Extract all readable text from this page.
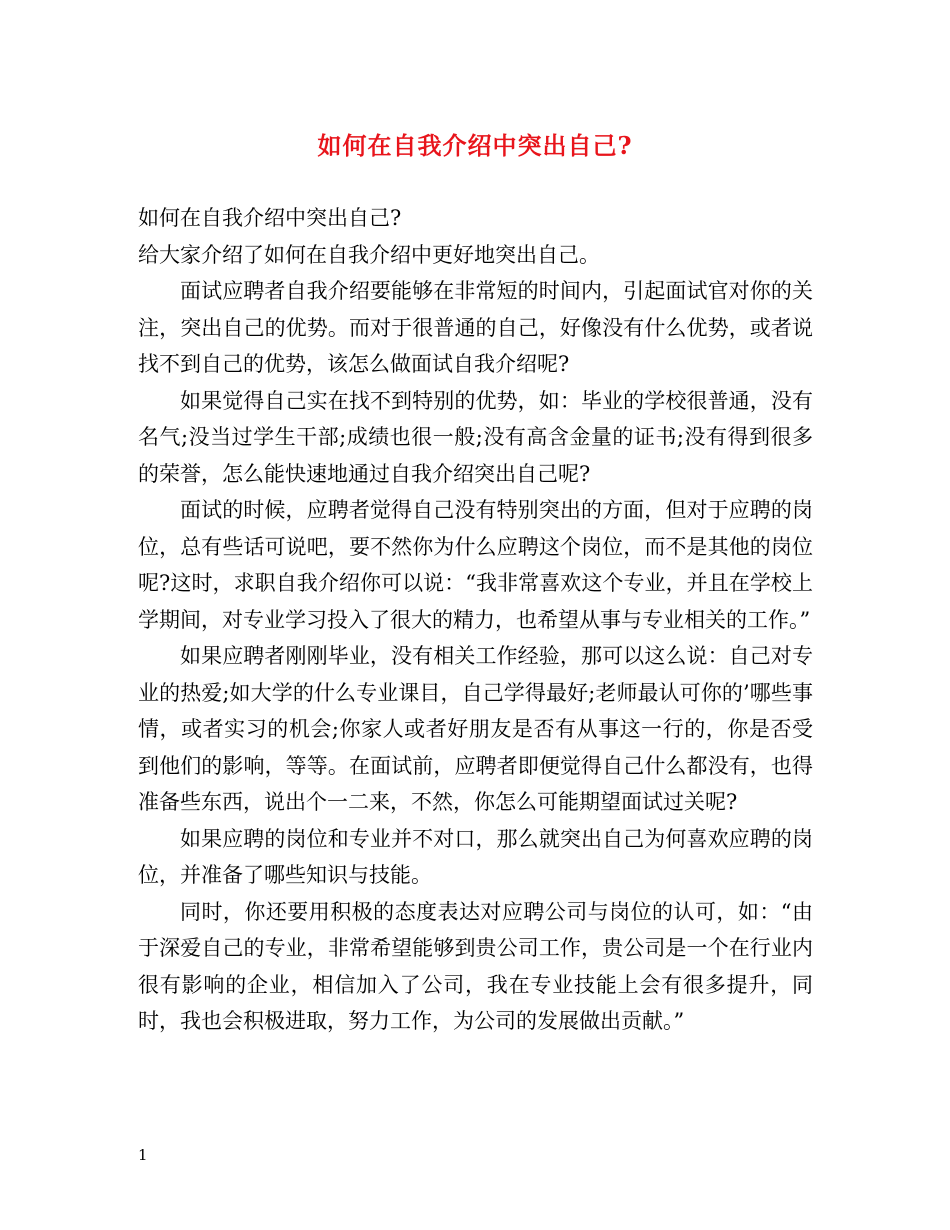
如何在自我介绍中突出自己?

如何在自我介绍中突出自己?

给大家介绍了如何在自我介绍中更好地突出自己。

面试应聘者自我介绍要能够在非常短的时间内，引起面试官对你的关注，突出自己的优势。而对于很普通的自己，好像没有什么优势，或者说找不到自己的优势，该怎么做面试自我介绍呢?

如果觉得自己实在找不到特别的优势，如：毕业的学校很普通，没有名气;没当过学生干部;成绩也很一般;没有高含金量的证书;没有得到很多的荣誉，怎么能快速地通过自我介绍突出自己呢?

面试的时候，应聘者觉得自己没有特别突出的方面，但对于应聘的岗位，总有些话可说吧，要不然你为什么应聘这个岗位，而不是其他的岗位呢?这时，求职自我介绍你可以说：“我非常喜欢这个专业，并且在学校上学期间，对专业学习投入了很大的精力，也希望从事与专业相关的工作。”

如果应聘者刚刚毕业，没有相关工作经验，那可以这么说：自己对专业的热爱;如大学的什么专业课目，自己学得最好;老师最认可你的’哪些事情，或者实习的机会;你家人或者好朋友是否有从事这一行的，你是否受到他们的影响，等等。在面试前，应聘者即便觉得自己什么都没有，也得准备些东西，说出个一二来，不然，你怎么可能期望面试过关呢?

如果应聘的岗位和专业并不对口，那么就突出自己为何喜欢应聘的岗位，并准备了哪些知识与技能。

同时，你还要用积极的态度表达对应聘公司与岗位的认可，如：“由于深爱自己的专业，非常希望能够到贵公司工作，贵公司是一个在行业内很有影响的企业，相信加入了公司，我在专业技能上会有很多提升，同时，我也会积极进取，努力工作，为公司的发展做出贡献。”

1
